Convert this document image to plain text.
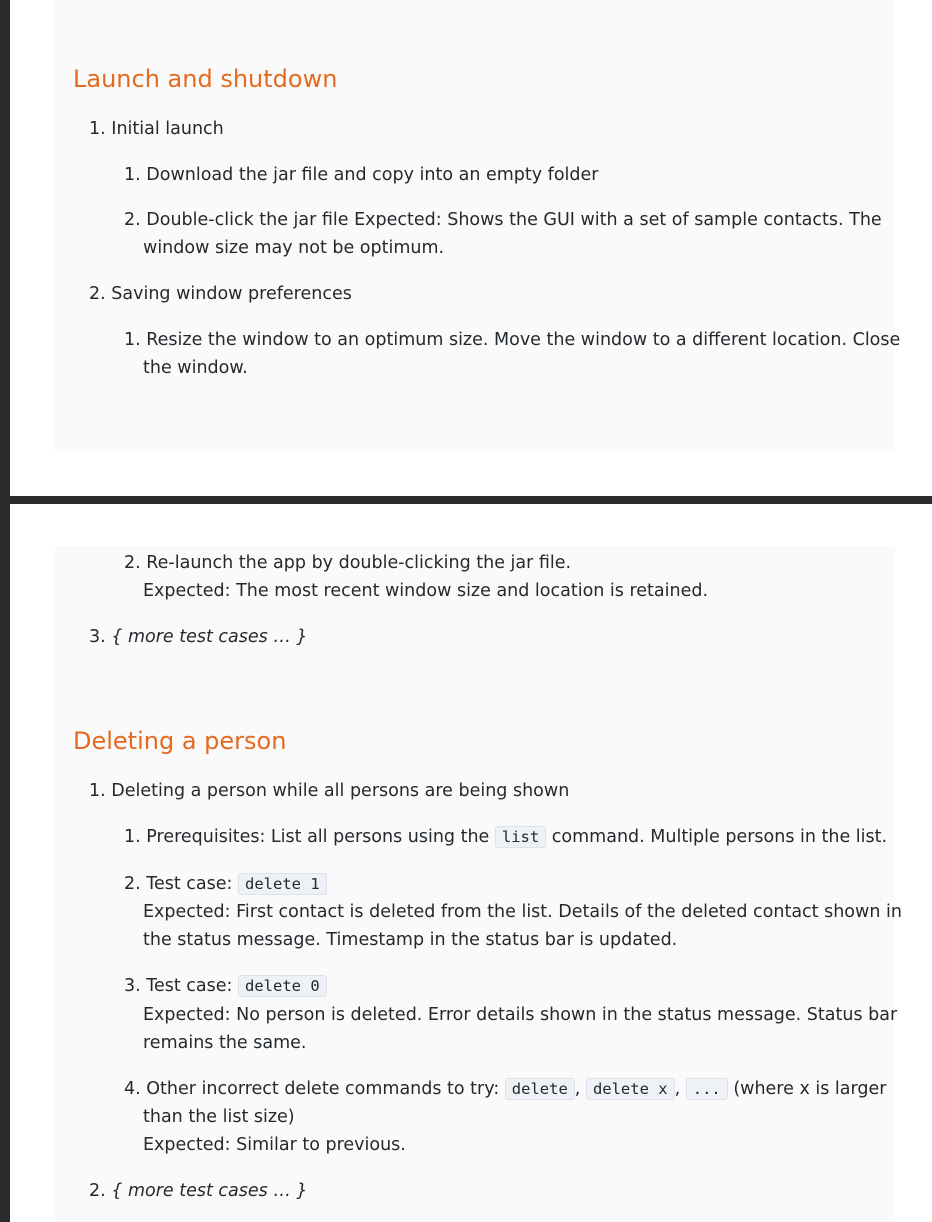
Launch and shutdown

1. Initial launch

1. Download the jar file and copy into an empty folder

2. Double-click the jar file Expected: Shows the GUI with a set of sample contacts. The

window size may not be optimum.

2. Saving window preferences

1. Resize the window to an optimum size. Move the window to a different location. Close

the window.

2. Re-launch the app by double-clicking the jar file.

Expected: The most recent window size and location is retained.

3. { more test cases … }

Deleting a person

1. Deleting a person while all persons are being shown

1. Prerequisites: List all persons using the list command. Multiple persons in the list.

2. Test case: delete 1

Expected: First contact is deleted from the list. Details of the deleted contact shown in

the status message. Timestamp in the status bar is updated.

3. Test case: delete 0

Expected: No person is deleted. Error details shown in the status message. Status bar

remains the same.

4. Other incorrect delete commands to try: delete , delete x , ... (where x is larger

than the list size)

Expected: Similar to previous.

2. { more test cases … }
